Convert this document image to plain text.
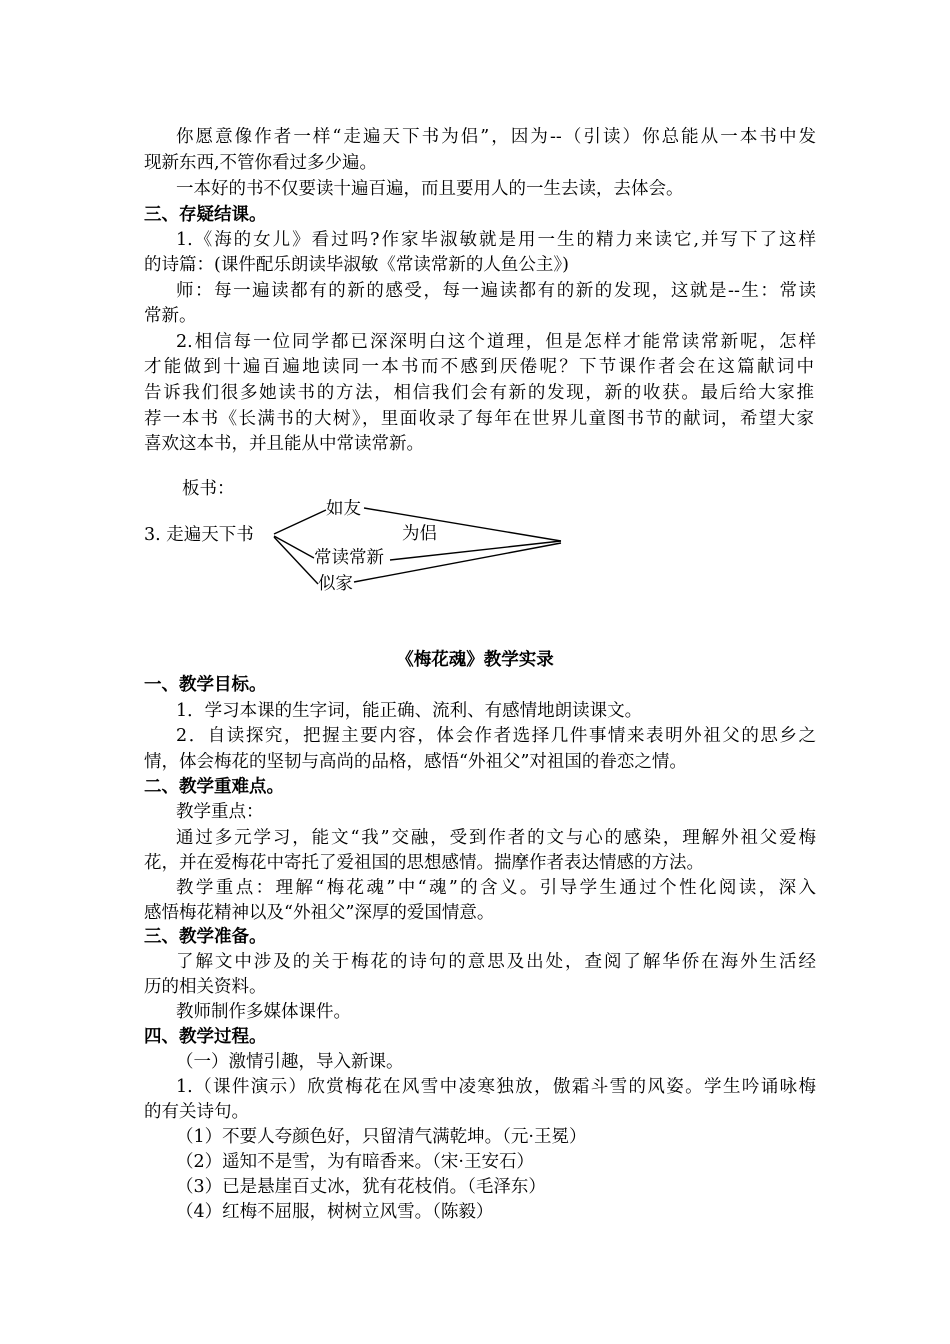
你愿意像作者一样“走遍天下书为侣”，因为--（引读）你总能从一本书中发
现新东西,不管你看过多少遍。
一本好的书不仅要读十遍百遍，而且要用人的一生去读，去体会。
三、存疑结课。
1.《海的女儿》看过吗?作家毕淑敏就是用一生的精力来读它,并写下了这样
的诗篇：(课件配乐朗读毕淑敏《常读常新的人鱼公主》)
师：每一遍读都有的新的感受，每一遍读都有的新的发现，这就是--生：常读
常新。
2.相信每一位同学都已深深明白这个道理，但是怎样才能常读常新呢，怎样
才能做到十遍百遍地读同一本书而不感到厌倦呢？下节课作者会在这篇献词中
告诉我们很多她读书的方法，相信我们会有新的发现，新的收获。最后给大家推
荐一本书《长满书的大树》，里面收录了每年在世界儿童图书节的献词，希望大家
喜欢这本书，并且能从中常读常新。
板书：
3. 走遍天下书
如友
为侣
常读常新
似家
《梅花魂》教学实录
一、教学目标。
1．学习本课的生字词，能正确、流利、有感情地朗读课文。
2．自读探究，把握主要内容，体会作者选择几件事情来表明外祖父的思乡之
情，体会梅花的坚韧与高尚的品格，感悟“外祖父”对祖国的眷恋之情。
二、教学重难点。
教学重点：
通过多元学习，能文“我”交融，受到作者的文与心的感染，理解外祖父爱梅
花，并在爱梅花中寄托了爱祖国的思想感情。揣摩作者表达情感的方法。
教学重点：理解“梅花魂”中“魂”的含义。引导学生通过个性化阅读，深入
感悟梅花精神以及“外祖父”深厚的爱国情意。
三、教学准备。
了解文中涉及的关于梅花的诗句的意思及出处，查阅了解华侨在海外生活经
历的相关资料。
教师制作多媒体课件。
四、教学过程。
（一）激情引趣，导入新课。
1.（课件演示）欣赏梅花在风雪中凌寒独放，傲霜斗雪的风姿。学生吟诵咏梅
的有关诗句。
（1）不要人夸颜色好，只留清气满乾坤。（元·王冕）
（2）遥知不是雪，为有暗香来。（宋·王安石）
（3）已是悬崖百丈冰，犹有花枝俏。（毛泽东）
（4）红梅不屈服，树树立风雪。（陈毅）
